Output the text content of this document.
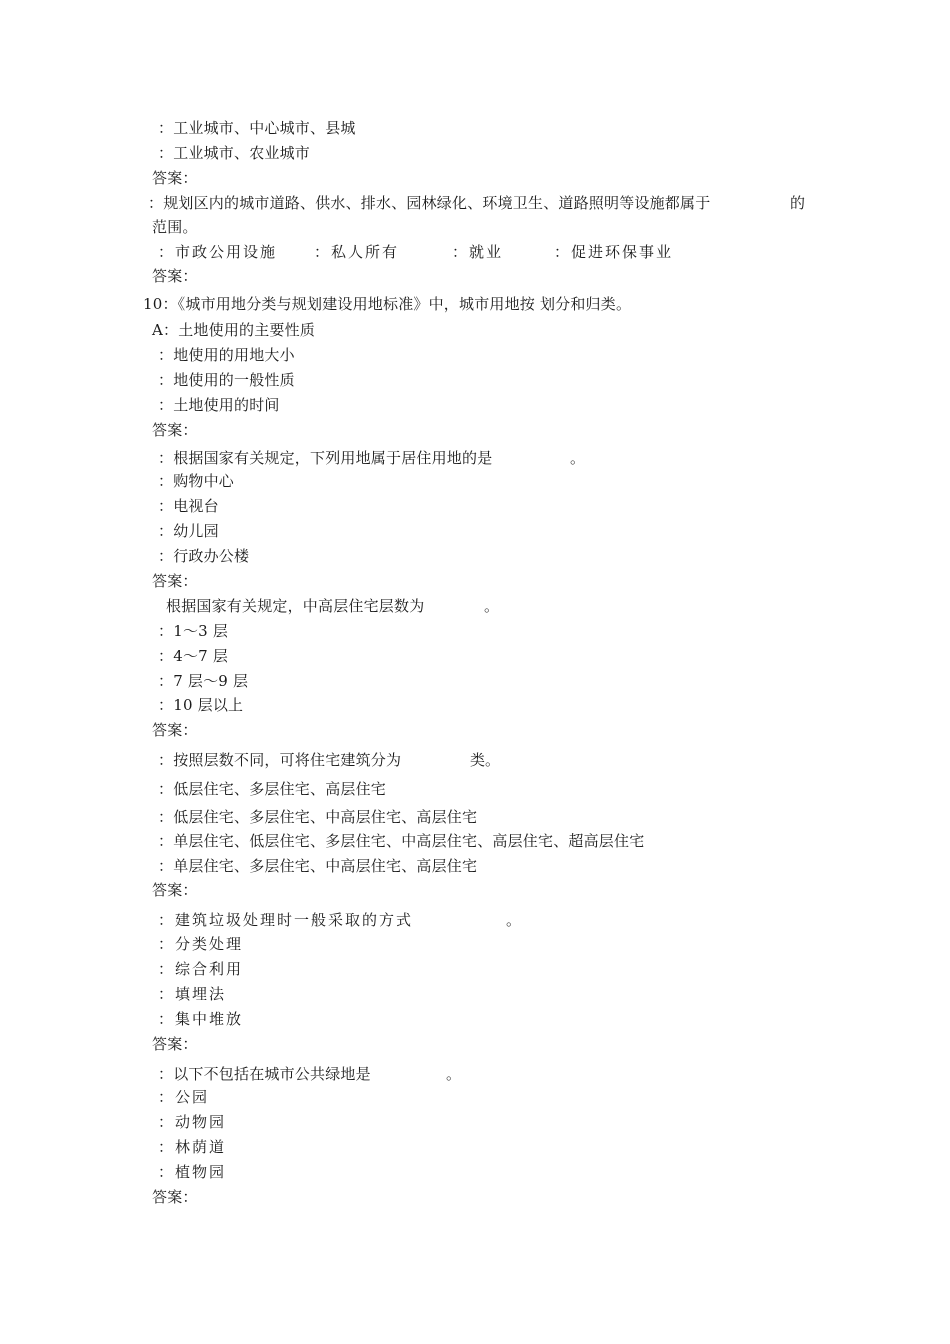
：工业城市、中心城市、县城
：工业城市、农业城市
答案：
：规划区内的城市道路、供水、排水、园林绿化、环境卫生、道路照明等设施都属于	的
范围。
：市政公用设施 ：私人所有	：就业	：促进环保事业
答案：
10：《城市用地分类与规划建设用地标准》中，城市用地按 划分和归类。
A：土地使用的主要性质
：地使用的用地大小
：地使用的一般性质
：土地使用的时间
答案：
：根据国家有关规定，下列用地属于居住用地的是	。
：购物中心
：电视台
：幼儿园
：行政办公楼
答案：
根据国家有关规定，中高层住宅层数为	。
：1～3 层
：4～7 层
：7 层～9 层
：10 层以上
答案：
：按照层数不同，可将住宅建筑分为	类。
：低层住宅、多层住宅、高层住宅
：低层住宅、多层住宅、中高层住宅、高层住宅
：单层住宅、低层住宅、多层住宅、中高层住宅、高层住宅、超高层住宅
：单层住宅、多层住宅、中高层住宅、高层住宅
答案：
：建筑垃圾处理时一般采取的方式	。
：分类处理
：综合利用
：填埋法
：集中堆放
答案：
：以下不包括在城市公共绿地是	。
：公园
：动物园
：林荫道
：植物园
答案：
